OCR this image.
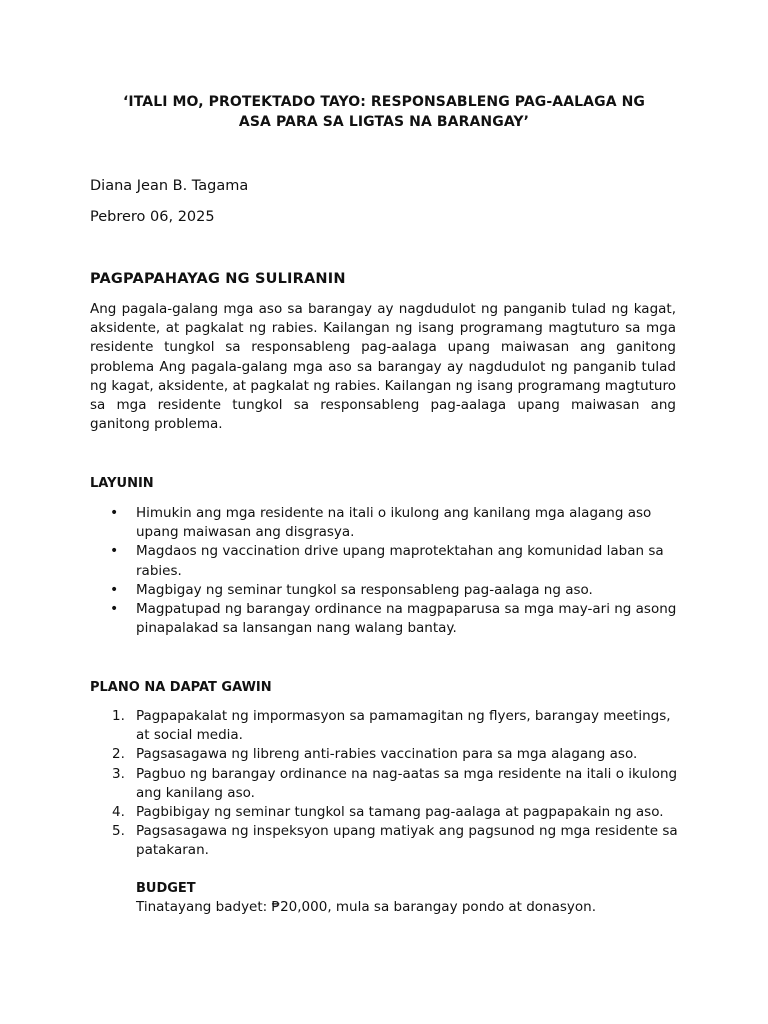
‘ITALI MO, PROTEKTADO TAYO: RESPONSABLENG PAG-AALAGA NG
ASA PARA SA LIGTAS NA BARANGAY’
Diana Jean B. Tagama
Pebrero 06, 2025
PAGPAPAHAYAG NG SULIRANIN

Ang pagala-galang mga aso sa barangay ay nagdudulot ng panganib tulad ng kagat, aksidente, at pagkalat ng rabies. Kailangan ng isang programang magtuturo sa mga residente tungkol sa responsableng pag-aalaga upang maiwasan ang ganitong problema Ang pagala-galang mga aso sa barangay ay nagdudulot ng panganib tulad ng kagat, aksidente, at pagkalat ng rabies. Kailangan ng isang programang magtuturo sa mga residente tungkol sa responsableng pag-aalaga upang maiwasan ang ganitong problema.

LAYUNIN
• Himukin ang mga residente na itali o ikulong ang kanilang mga alagang aso upang maiwasan ang disgrasya.
• Magdaos ng vaccination drive upang maprotektahan ang komunidad laban sa rabies.
• Magbigay ng seminar tungkol sa responsableng pag-aalaga ng aso.
• Magpatupad ng barangay ordinance na magpaparusa sa mga may-ari ng asong pinapalakad sa lansangan nang walang bantay.
PLANO NA DAPAT GAWIN
1. Pagpapakalat ng impormasyon sa pamamagitan ng flyers, barangay meetings, at social media.
2. Pagsasagawa ng libreng anti-rabies vaccination para sa mga alagang aso.
3. Pagbuo ng barangay ordinance na nag-aatas sa mga residente na itali o ikulong ang kanilang aso.
4. Pagbibigay ng seminar tungkol sa tamang pag-aalaga at pagpapakain ng aso.
5. Pagsasagawa ng inspeksyon upang matiyak ang pagsunod ng mga residente sa patakaran.
BUDGET
Tinatayang badyet: ₱20,000, mula sa barangay pondo at donasyon.
